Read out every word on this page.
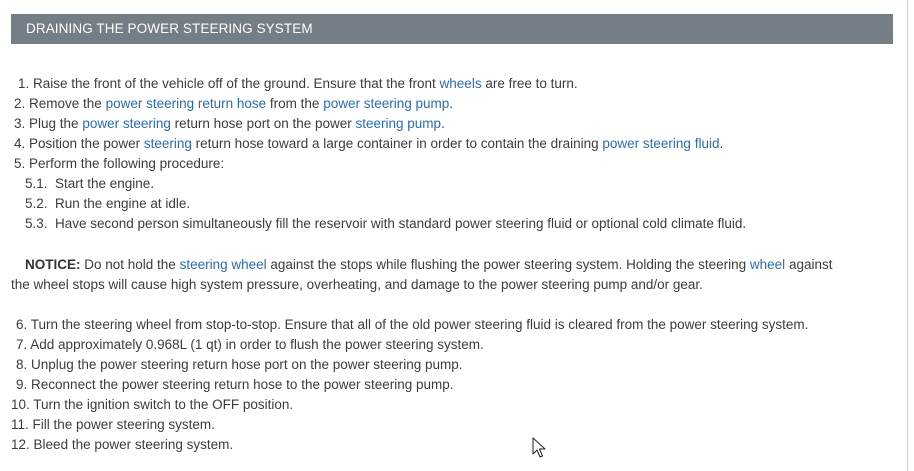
DRAINING THE POWER STEERING SYSTEM
1. Raise the front of the vehicle off of the ground. Ensure that the front wheels are free to turn.
2. Remove the power steering return hose from the power steering pump.
3. Plug the power steering return hose port on the power steering pump.
4. Position the power steering return hose toward a large container in order to contain the draining power steering fluid.
5. Perform the following procedure:
5.1. Start the engine.
5.2. Run the engine at idle.
5.3. Have second person simultaneously fill the reservoir with standard power steering fluid or optional cold climate fluid.
NOTICE: Do not hold the steering wheel against the stops while flushing the power steering system. Holding the steering wheel against
the wheel stops will cause high system pressure, overheating, and damage to the power steering pump and/or gear.
6. Turn the steering wheel from stop-to-stop. Ensure that all of the old power steering fluid is cleared from the power steering system.
7. Add approximately 0.968L (1 qt) in order to flush the power steering system.
8. Unplug the power steering return hose port on the power steering pump.
9. Reconnect the power steering return hose to the power steering pump.
10. Turn the ignition switch to the OFF position.
11. Fill the power steering system.
12. Bleed the power steering system.
